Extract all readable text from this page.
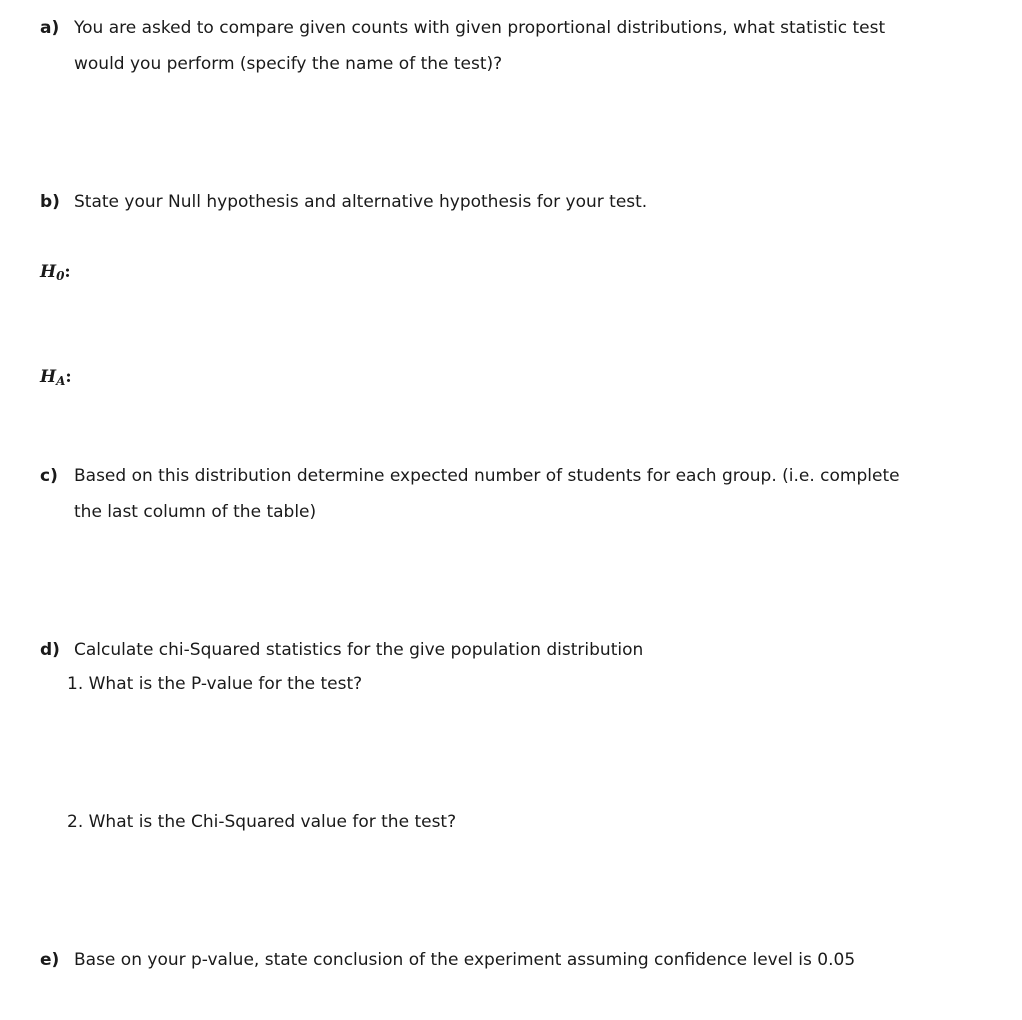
a) You are asked to compare given counts with given proportional distributions, what statistic test
would you perform (specify the name of the test)?
b) State your Null hypothesis and alternative hypothesis for your test.
$H_0$:
$H_A$:
c) Based on this distribution determine expected number of students for each group. (i.e. complete
the last column of the table)
d) Calculate chi-Squared statistics for the give population distribution
1. What is the P-value for the test?
2. What is the Chi-Squared value for the test?
e) Base on your p-value, state conclusion of the experiment assuming confidence level is 0.05
